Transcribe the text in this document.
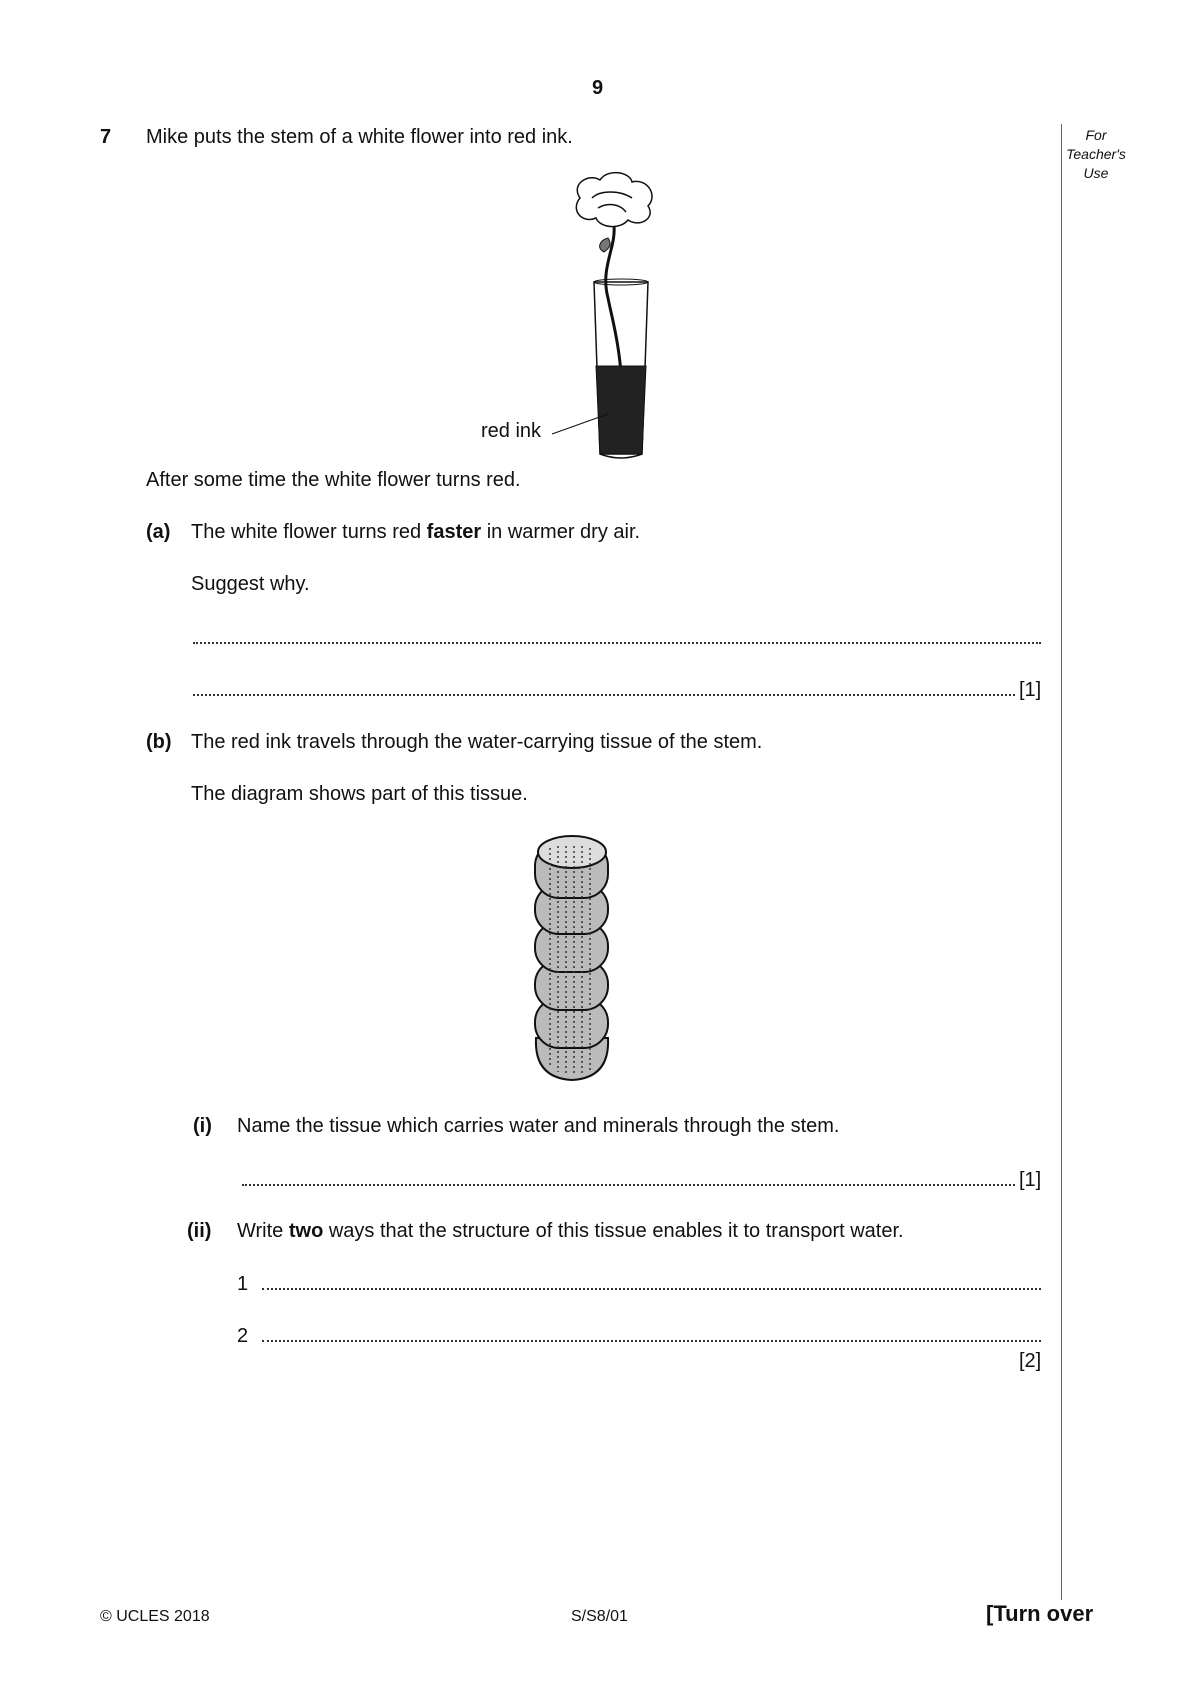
9
For
Teacher's
Use
7 Mike puts the stem of a white flower into red ink.
red ink
After some time the white flower turns red.
(a) The white flower turns red faster in warmer dry air.
Suggest why.
[1]
(b) The red ink travels through the water-carrying tissue of the stem.
The diagram shows part of this tissue.
(i) Name the tissue which carries water and minerals through the stem.
[1]
(ii) Write two ways that the structure of this tissue enables it to transport water.
1
2
[2]
© UCLES 2018	S/S8/01	[Turn over
